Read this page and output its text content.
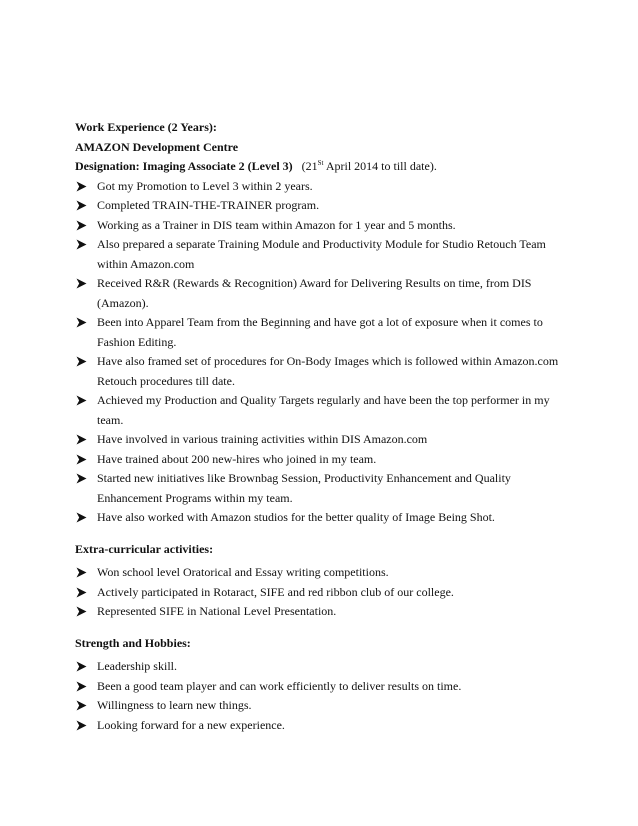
Work Experience (2 Years):
AMAZON Development Centre
Designation: Imaging Associate 2 (Level 3) (21St April 2014 to till date).
Got my Promotion to Level 3 within 2 years.
Completed TRAIN-THE-TRAINER program.
Working as a Trainer in DIS team within Amazon for 1 year and 5 months.
Also prepared a separate Training Module and Productivity Module for Studio Retouch Team within Amazon.com
Received R&R (Rewards & Recognition) Award for Delivering Results on time, from DIS (Amazon).
Been into Apparel Team from the Beginning and have got a lot of exposure when it comes to Fashion Editing.
Have also framed set of procedures for On-Body Images which is followed within Amazon.com Retouch procedures till date.
Achieved my Production and Quality Targets regularly and have been the top performer in my team.
Have involved in various training activities within DIS Amazon.com
Have trained about 200 new-hires who joined in my team.
Started new initiatives like Brownbag Session, Productivity Enhancement and Quality Enhancement Programs within my team.
Have also worked with Amazon studios for the better quality of Image Being Shot.
Extra-curricular activities:
Won school level Oratorical and Essay writing competitions.
Actively participated in Rotaract, SIFE and red ribbon club of our college.
Represented SIFE in National Level Presentation.
Strength and Hobbies:
Leadership skill.
Been a good team player and can work efficiently to deliver results on time.
Willingness to learn new things.
Looking forward for a new experience.
